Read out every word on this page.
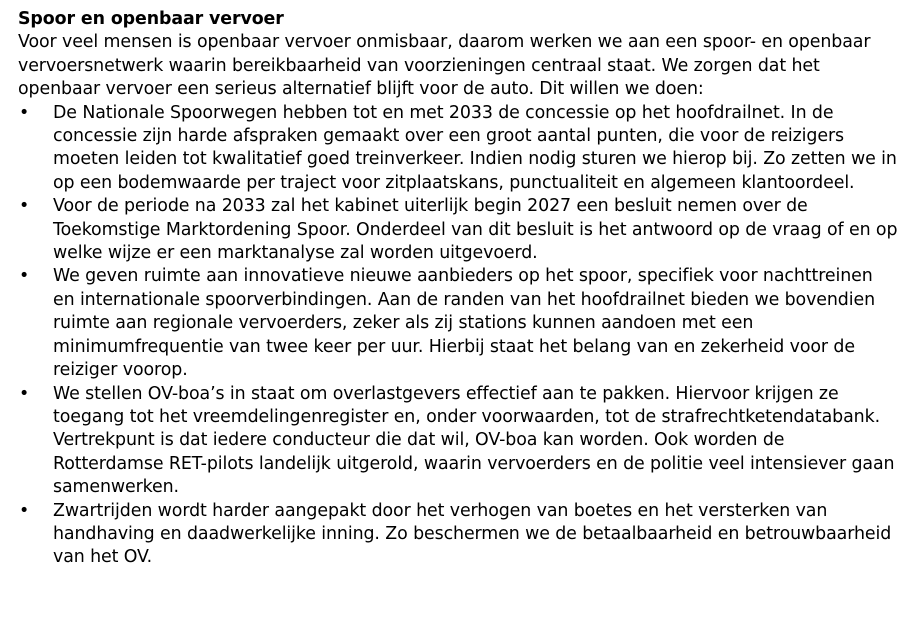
Spoor en openbaar vervoer

Voor veel mensen is openbaar vervoer onmisbaar, daarom werken we aan een spoor- en openbaar vervoersnetwerk waarin bereikbaarheid van voorzieningen centraal staat. We zorgen dat het openbaar vervoer een serieus alternatief blijft voor de auto. Dit willen we doen:

• De Nationale Spoorwegen hebben tot en met 2033 de concessie op het hoofdrailnet. In de concessie zijn harde afspraken gemaakt over een groot aantal punten, die voor de reizigers moeten leiden tot kwalitatief goed treinverkeer. Indien nodig sturen we hierop bij. Zo zetten we in op een bodemwaarde per traject voor zitplaatskans, punctualiteit en algemeen klantoordeel.
• Voor de periode na 2033 zal het kabinet uiterlijk begin 2027 een besluit nemen over de Toekomstige Marktordening Spoor. Onderdeel van dit besluit is het antwoord op de vraag of en op welke wijze er een marktanalyse zal worden uitgevoerd.
• We geven ruimte aan innovatieve nieuwe aanbieders op het spoor, specifiek voor nachttreinen en internationale spoorverbindingen. Aan de randen van het hoofdrailnet bieden we bovendien ruimte aan regionale vervoerders, zeker als zij stations kunnen aandoen met een minimumfrequentie van twee keer per uur. Hierbij staat het belang van en zekerheid voor de reiziger voorop.
• We stellen OV-boa’s in staat om overlastgevers effectief aan te pakken. Hiervoor krijgen ze toegang tot het vreemdelingenregister en, onder voorwaarden, tot de strafrechtketendatabank. Vertrekpunt is dat iedere conducteur die dat wil, OV-boa kan worden. Ook worden de Rotterdamse RET-pilots landelijk uitgerold, waarin vervoerders en de politie veel intensiever gaan samenwerken.
• Zwartrijden wordt harder aangepakt door het verhogen van boetes en het versterken van handhaving en daadwerkelijke inning. Zo beschermen we de betaalbaarheid en betrouwbaarheid van het OV.
